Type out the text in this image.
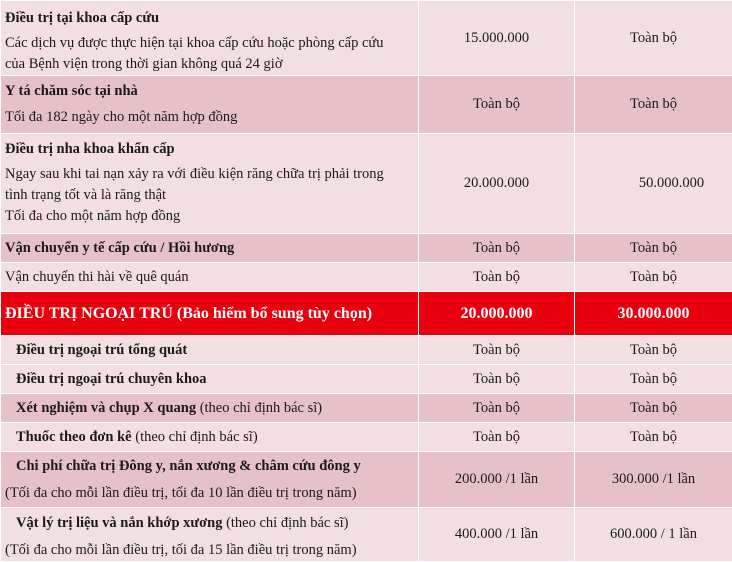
Điều trị tại khoa cấp cứu
Các dịch vụ được thực hiện tại khoa cấp cứu hoặc phòng cấp cứu
của Bệnh viện trong thời gian không quá 24 giờ	15.000.000	Toàn bộ

Y tá chăm sóc tại nhà
Tối đa 182 ngày cho một năm hợp đồng	Toàn bộ	Toàn bộ

Điều trị nha khoa khẩn cấp
Ngay sau khi tai nạn xảy ra với điều kiện răng chữa trị phải trong
tình trạng tốt và là răng thật
Tối đa cho một năm hợp đồng	20.000.000	50.000.000

Vận chuyển y tế cấp cứu / Hồi hương	Toàn bộ	Toàn bộ
Vận chuyển thi hài về quê quán	Toàn bộ	Toàn bộ
ĐIỀU TRỊ NGOẠI TRÚ (Bảo hiểm bổ sung tùy chọn)	20.000.000	30.000.000

Điều trị ngoại trú tổng quát	Toàn bộ	Toàn bộ

Điều trị ngoại trú chuyên khoa	Toàn bộ	Toàn bộ
Xét nghiệm và chụp X quang (theo chỉ định bác sĩ)	Toàn bộ	Toàn bộ
Thuốc theo đơn kê (theo chỉ định bác sĩ)	Toàn bộ	Toàn bộ

Chi phí chữa trị Đông y, nắn xương & châm cứu đông y
(Tối đa cho mỗi lần điều trị, tối đa 10 lần điều trị trong năm)	200.000 /1 lần	300.000 /1 lần

Vật lý trị liệu và nắn khớp xương (theo chỉ định bác sĩ)
(Tối đa cho mỗi lần điều trị, tối đa 15 lần điều trị trong năm)	400.000 /1 lần	600.000 / 1 lần
